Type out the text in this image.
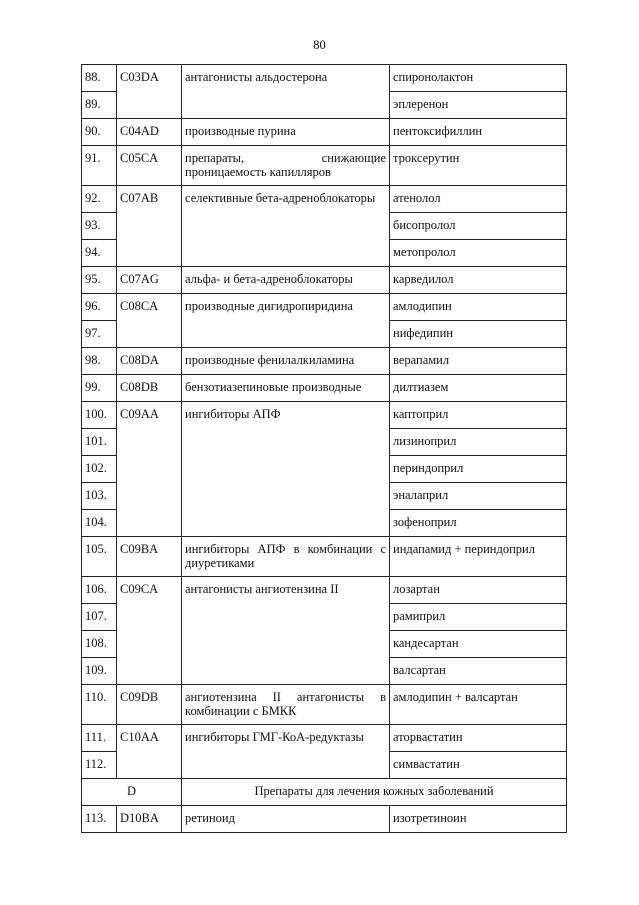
80
88.	C03DA	антагонисты альдостерона	спиронолактон
89.			эплеренон
90.	C04AD	производные пурина	пентоксифиллин
91.	C05CA	препараты, снижающие
проницаемость капилляров	троксерутин
92.	C07AB	селективные бета-адреноблокаторы	атенолол
93.			бисопролол
94.			метопролол
95.	C07AG	альфа- и бета-адреноблокаторы	карведилол
96.	C08CA	производные дигидропиридина	амлодипин
97.			нифедипин
98.	C08DA	производные фенилалкиламина	верапамил
99.	C08DB	бензотиазепиновые производные	дилтиазем
100.	C09AA	ингибиторы АПФ	каптоприл
101.			лизиноприл
102.			периндоприл
103.			эналаприл
104.			зофеноприл
105.	C09BA	ингибиторы АПФ в комбинации с
диуретиками	индапамид + периндоприл
106.	C09CA	антагонисты ангиотензина II	лозартан
107.			рамиприл
108.			кандесартан
109.			валсартан
110.	C09DB	ангиотензина II антагонисты в
комбинации с БМКК	амлодипин + валсартан
111.	C10AA	ингибиторы ГМГ-КоА-редуктазы	аторвастатин
112.			симвастатин
D		Препараты для лечения кожных заболеваний	
113.	D10BA	ретиноид	изотретиноин
